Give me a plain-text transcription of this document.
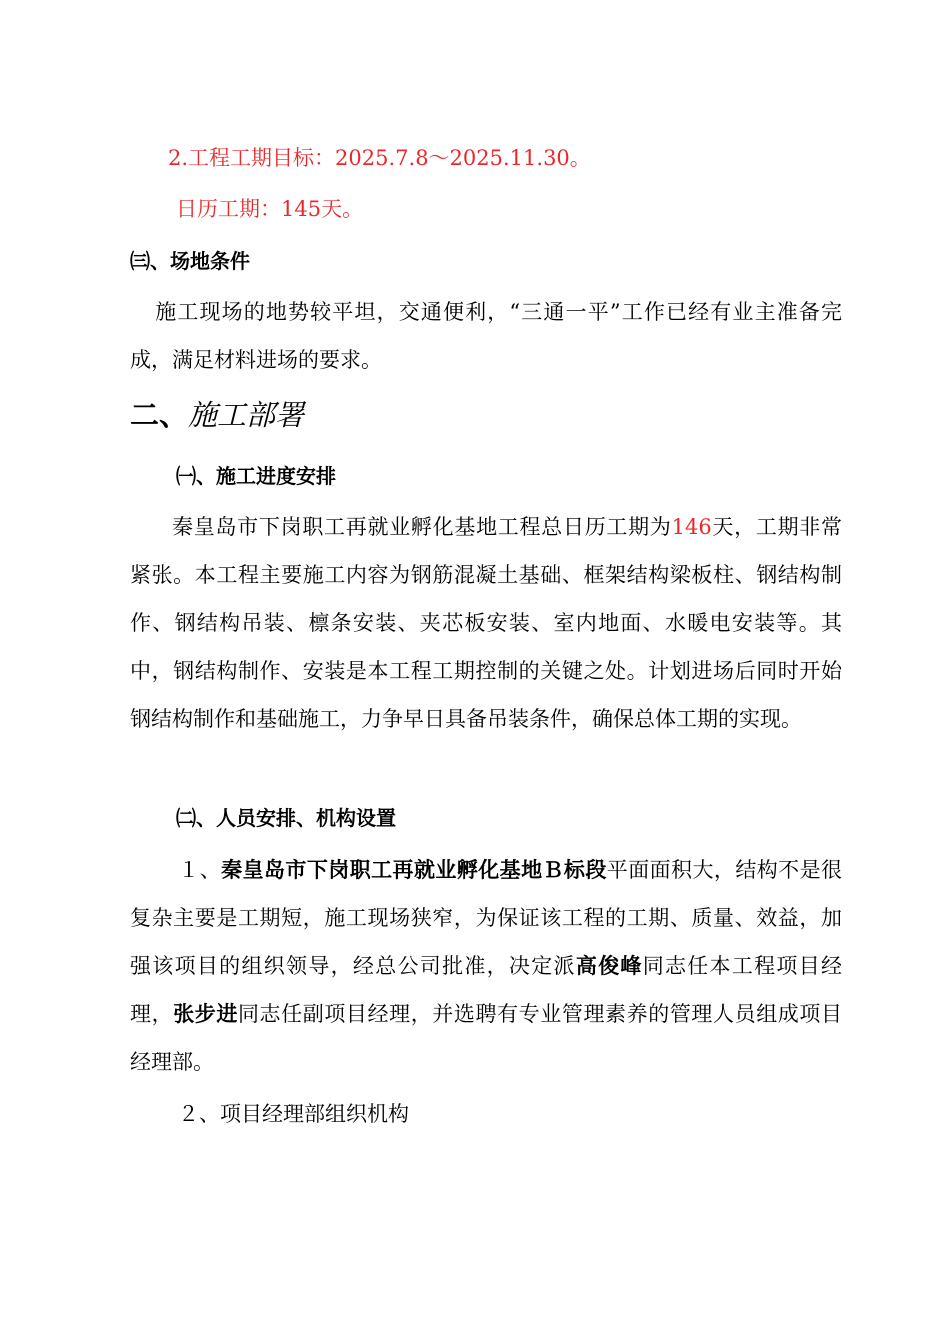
2.工程工期目标：2025.7.8～2025.11.30。
日历工期：145天。
㈢、场地条件
施工现场的地势较平坦，交通便利，“三通一平”工作已经有业主准备完成，满足材料进场的要求。
二、施工部署
㈠、施工进度安排
秦皇岛市下岗职工再就业孵化基地工程总日历工期为146天，工期非常紧张。本工程主要施工内容为钢筋混凝土基础、框架结构梁板柱、钢结构制作、钢结构吊装、檩条安装、夹芯板安装、室内地面、水暖电安装等。其中，钢结构制作、安装是本工程工期控制的关键之处。计划进场后同时开始钢结构制作和基础施工，力争早日具备吊装条件，确保总体工期的实现。
㈡、人员安排、机构设置
１、秦皇岛市下岗职工再就业孵化基地Ｂ标段平面面积大，结构不是很复杂主要是工期短，施工现场狭窄，为保证该工程的工期、质量、效益，加强该项目的组织领导，经总公司批准，决定派高俊峰同志任本工程项目经理，张步进同志任副项目经理，并选聘有专业管理素养的管理人员组成项目经理部。
２、项目经理部组织机构
